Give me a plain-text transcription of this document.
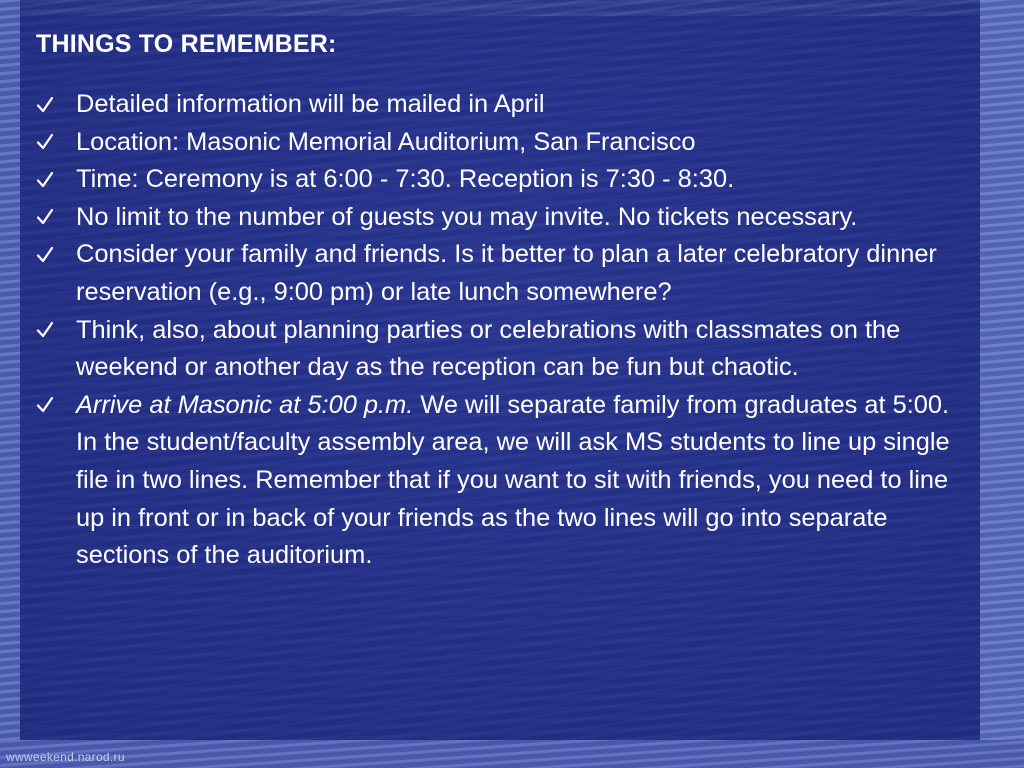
THINGS TO REMEMBER:
Detailed information will be mailed in April
Location: Masonic Memorial Auditorium, San Francisco
Time: Ceremony is at 6:00 - 7:30. Reception is 7:30 - 8:30.
No limit to the number of guests you may invite. No tickets necessary.
Consider your family and friends. Is it better to plan a later celebratory dinner reservation (e.g., 9:00 pm) or late lunch somewhere?
Think, also, about planning parties or celebrations with classmates on the weekend or another day as the reception can be fun but chaotic.
Arrive at Masonic at 5:00 p.m. We will separate family from graduates at 5:00. In the student/faculty assembly area, we will ask MS students to line up single file in two lines. Remember that if you want to sit with friends, you need to line up in front or in back of your friends as the two lines will go into separate sections of the auditorium.
wwweekend.narod.ru
